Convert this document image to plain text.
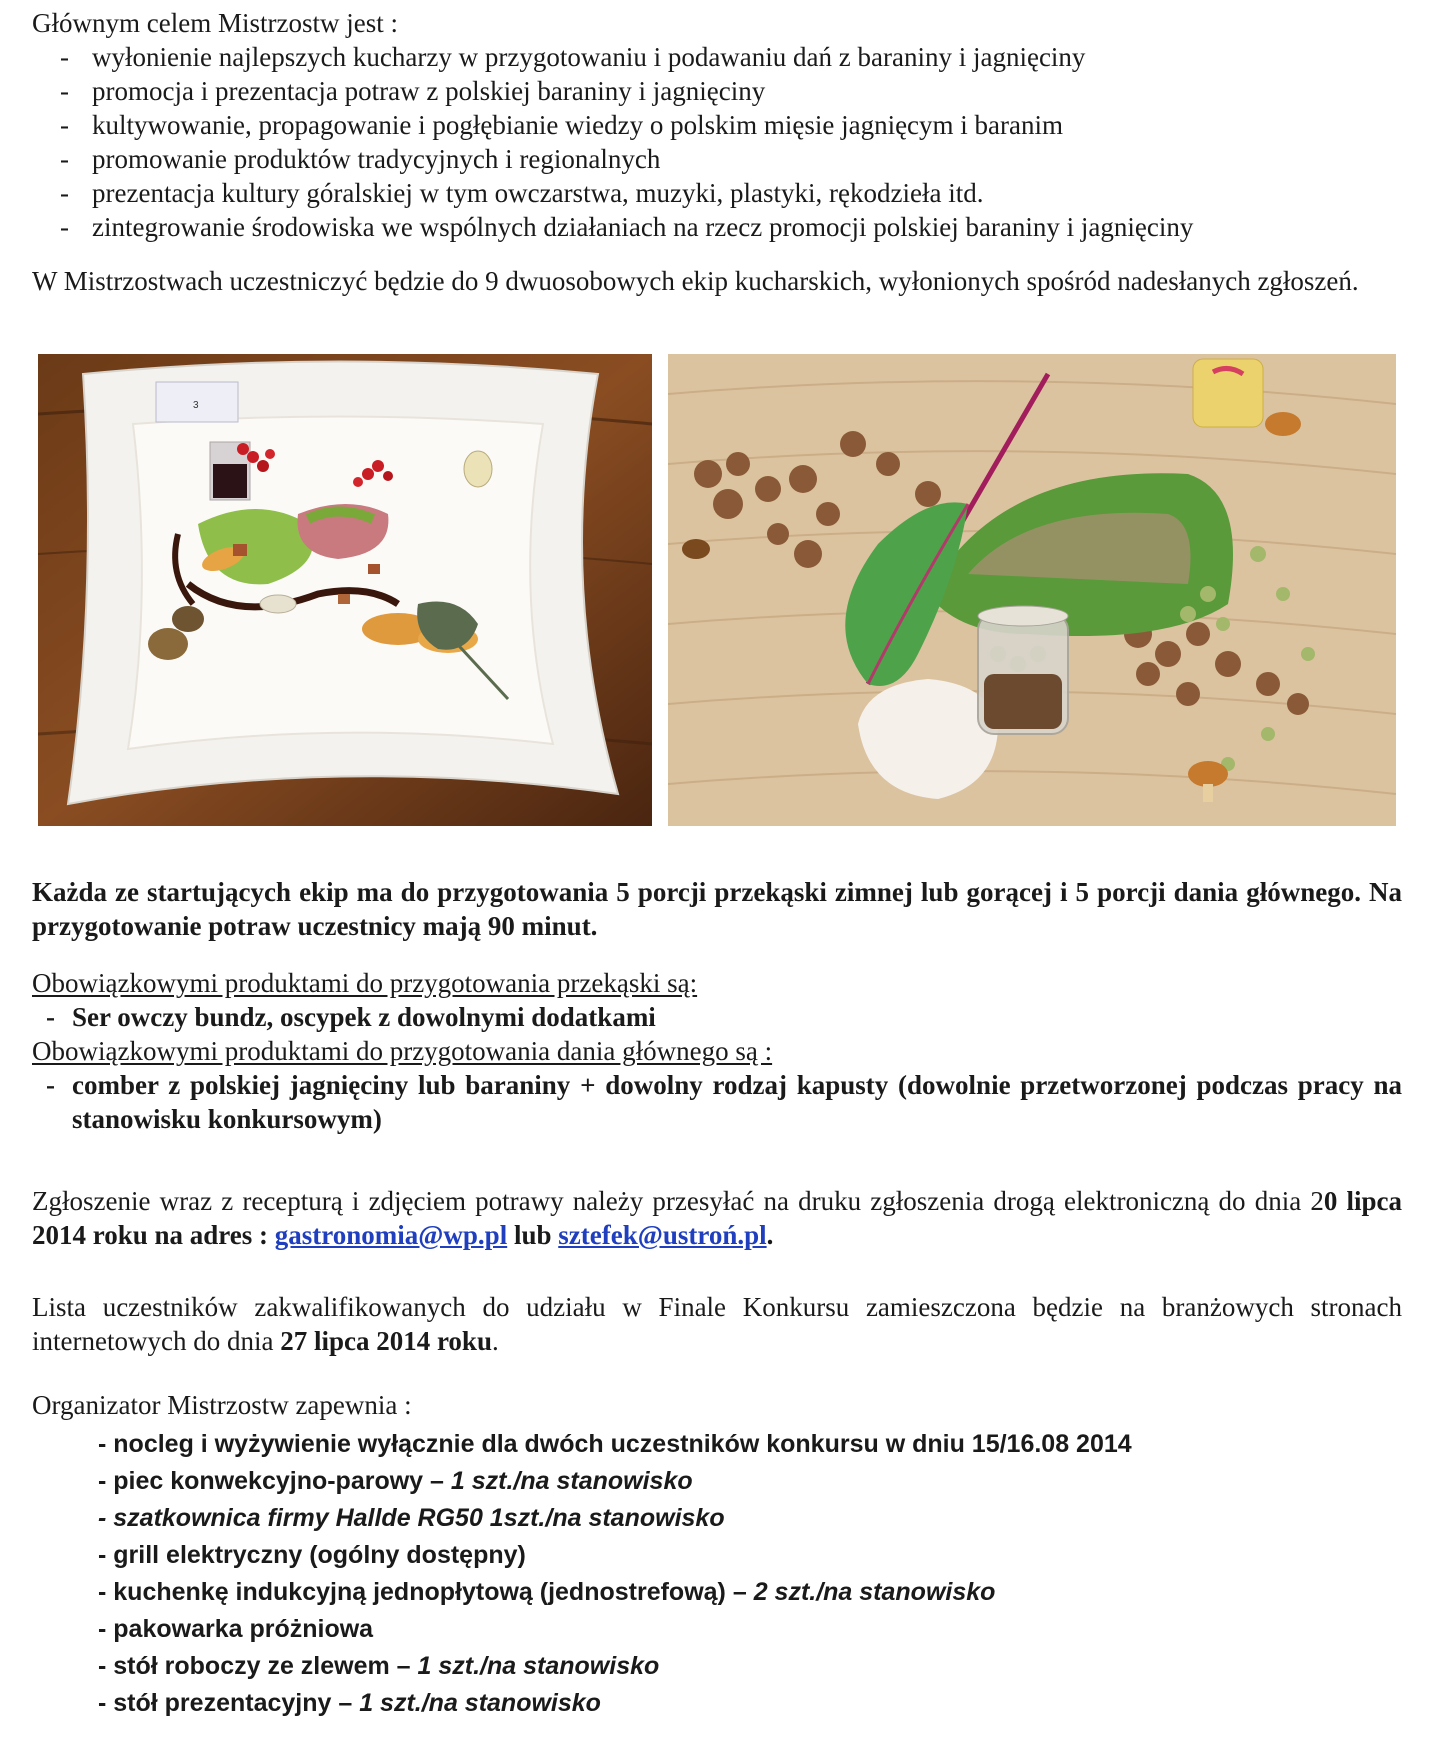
Głównym celem Mistrzostw jest :
- wyłonienie najlepszych kucharzy w przygotowaniu i podawaniu dań z baraniny i jagnięciny
- promocja i prezentacja potraw z polskiej baraniny i jagnięciny
- kultywowanie, propagowanie i pogłębianie wiedzy o polskim mięsie jagnięcym i baranim
- promowanie produktów tradycyjnych i regionalnych
- prezentacja kultury góralskiej w tym owczarstwa, muzyki, plastyki, rękodzieła itd.
- zintegrowanie środowiska we wspólnych działaniach na rzecz promocji polskiej baraniny i jagnięciny
W Mistrzostwach uczestniczyć będzie do 9 dwuosobowych ekip kucharskich, wyłonionych spośród nadesłanych zgłoszeń.
3
Każda ze startujących ekip ma do przygotowania 5 porcji przekąski zimnej lub gorącej i 5 porcji dania głównego. Na przygotowanie potraw uczestnicy mają 90 minut.
Obowiązkowymi produktami do przygotowania przekąski są:
- Ser owczy bundz, oscypek z dowolnymi dodatkami
Obowiązkowymi produktami do przygotowania dania głównego są :
- comber z polskiej jagnięciny lub baraniny + dowolny rodzaj kapusty (dowolnie przetworzonej podczas pracy na stanowisku konkursowym)
Zgłoszenie wraz z recepturą i zdjęciem potrawy należy przesyłać na druku zgłoszenia drogą elektroniczną do dnia 20 lipca 2014 roku na adres : gastronomia@wp.pl lub sztefek@ustroń.pl.
Lista uczestników zakwalifikowanych do udziału w Finale Konkursu zamieszczona będzie na branżowych stronach internetowych do dnia 27 lipca 2014 roku.
Organizator Mistrzostw zapewnia :
- nocleg i wyżywienie wyłącznie dla dwóch uczestników konkursu w dniu 15/16.08 2014
- piec konwekcyjno-parowy – 1 szt./na stanowisko
- szatkownica firmy Hallde RG50 1szt./na stanowisko
- grill elektryczny (ogólny dostępny)
- kuchenkę indukcyjną jednopłytową (jednostrefową) – 2 szt./na stanowisko
- pakowarka próżniowa
- stół roboczy ze zlewem – 1 szt./na stanowisko
- stół prezentacyjny – 1 szt./na stanowisko
